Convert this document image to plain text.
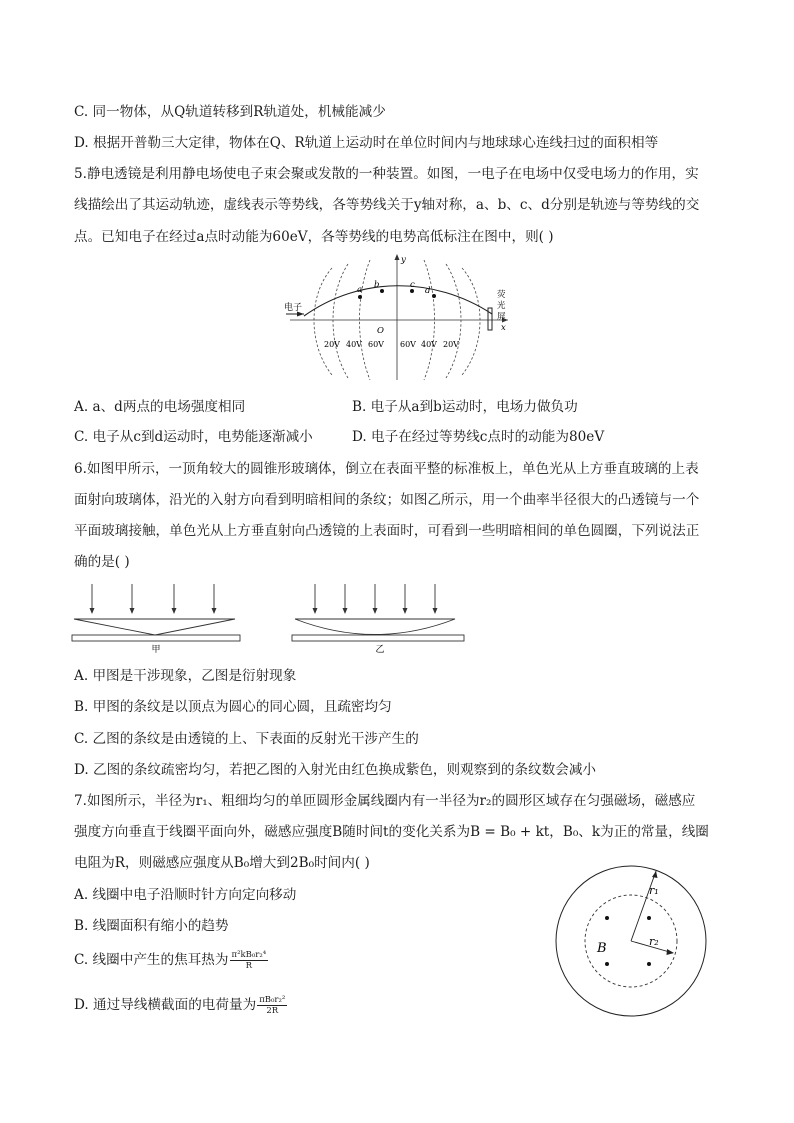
C. 同一物体，从Q轨道转移到R轨道处，机械能减少
D. 根据开普勒三大定律，物体在Q、R轨道上运动时在单位时间内与地球球心连线扫过的面积相等
5.静电透镜是利用静电场使电子束会聚或发散的一种装置。如图，一电子在电场中仅受电场力的作用，实
线描绘出了其运动轨迹，虚线表示等势线，各等势线关于y轴对称，a、b、c、d分别是轨迹与等势线的交
点。已知电子在经过a点时动能为60eV，各等势线的电势高低标注在图中，则( )
电子
a b	c
d
y
x
O
荧
光
屏
20V 40V 60V 60V 40V 20V
A. a、d两点的电场强度相同	B. 电子从a到b运动时，电场力做负功
C. 电子从c到d运动时，电势能逐渐减小	D. 电子在经过等势线c点时的动能为80eV
6.如图甲所示，一顶角较大的圆锥形玻璃体，倒立在表面平整的标准板上，单色光从上方垂直玻璃的上表
面射向玻璃体，沿光的入射方向看到明暗相间的条纹；如图乙所示，用一个曲率半径很大的凸透镜与一个
平面玻璃接触，单色光从上方垂直射向凸透镜的上表面时，可看到一些明暗相间的单色圆圈，下列说法正
确的是( )
甲	乙
A. 甲图是干涉现象，乙图是衍射现象
B. 甲图的条纹是以顶点为圆心的同心圆，且疏密均匀
C. 乙图的条纹是由透镜的上、下表面的反射光干涉产生的
D. 乙图的条纹疏密均匀，若把乙图的入射光由红色换成紫色，则观察到的条纹数会减小
7.如图所示，半径为r₁、粗细均匀的单匝圆形金属线圈内有一半径为r₂的圆形区域存在匀强磁场，磁感应
强度方向垂直于线圈平面向外，磁感应强度B随时间t的变化关系为B = B₀ + kt，B₀、k为正的常量，线圈
电阻为R，则磁感应强度从B₀增大到2B₀时间内( )
A. 线圈中电子沿顺时针方向定向移动
B. 线圈面积有缩小的趋势
C. 线圈中产生的焦耳热为 $\frac{\text{π²kB₀r₂⁴}}{R}$
D. 通过导线横截面的电荷量为 $\frac{\text{πB₀r₂²}}{2R}$
r₁
r₂
B
